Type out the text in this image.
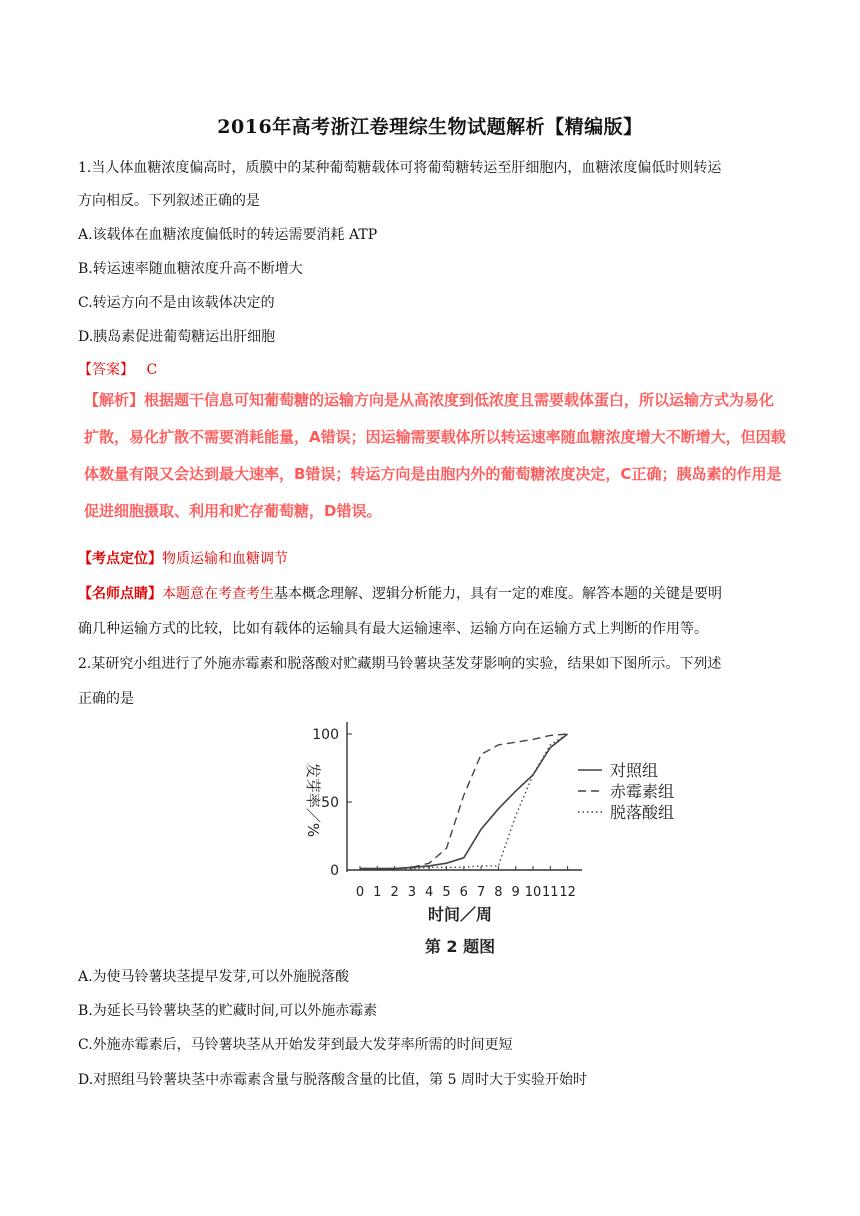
2016年高考浙江卷理综生物试题解析【精编版】
1.当人体血糖浓度偏高时，质膜中的某种葡萄糖载体可将葡萄糖转运至肝细胞内，血糖浓度偏低时则转运
方向相反。下列叙述正确的是
A.该载体在血糖浓度偏低时的转运需要消耗 ATP
B.转运速率随血糖浓度升高不断增大
C.转运方向不是由该载体决定的
D.胰岛素促进葡萄糖运出肝细胞
【答案】 C
【解析】根据题干信息可知葡萄糖的运输方向是从高浓度到低浓度且需要载体蛋白，所以运输方式为易化
扩散，易化扩散不需要消耗能量，A错误；因运输需要载体所以转运速率随血糖浓度增大不断增大，但因载
体数量有限又会达到最大速率，B错误；转运方向是由胞内外的葡萄糖浓度决定，C正确；胰岛素的作用是
促进细胞摄取、利用和贮存葡萄糖，D错误。
【考点定位】物质运输和血糖调节
【名师点睛】本题意在考查考生基本概念理解、逻辑分析能力，具有一定的难度。解答本题的关键是要明
确几种运输方式的比较，比如有载体的运输具有最大运输速率、运输方向在运输方式上判断的作用等。
2.某研究小组进行了外施赤霉素和脱落酸对贮藏期马铃薯块茎发芽影响的实验，结果如下图所示。下列述
正确的是
0
50
100
0 1 2 3 4 5 6 7 8 9 10 11 12
时间／周
发芽率／%	对照组
赤霉素组
脱落酸组
第 2 题图
A.为使马铃薯块茎提早发芽,可以外施脱落酸
B.为延长马铃薯块茎的贮藏时间,可以外施赤霉素
C.外施赤霉素后，马铃薯块茎从开始发芽到最大发芽率所需的时间更短
D.对照组马铃薯块茎中赤霉素含量与脱落酸含量的比值，第 5 周时大于实验开始时
